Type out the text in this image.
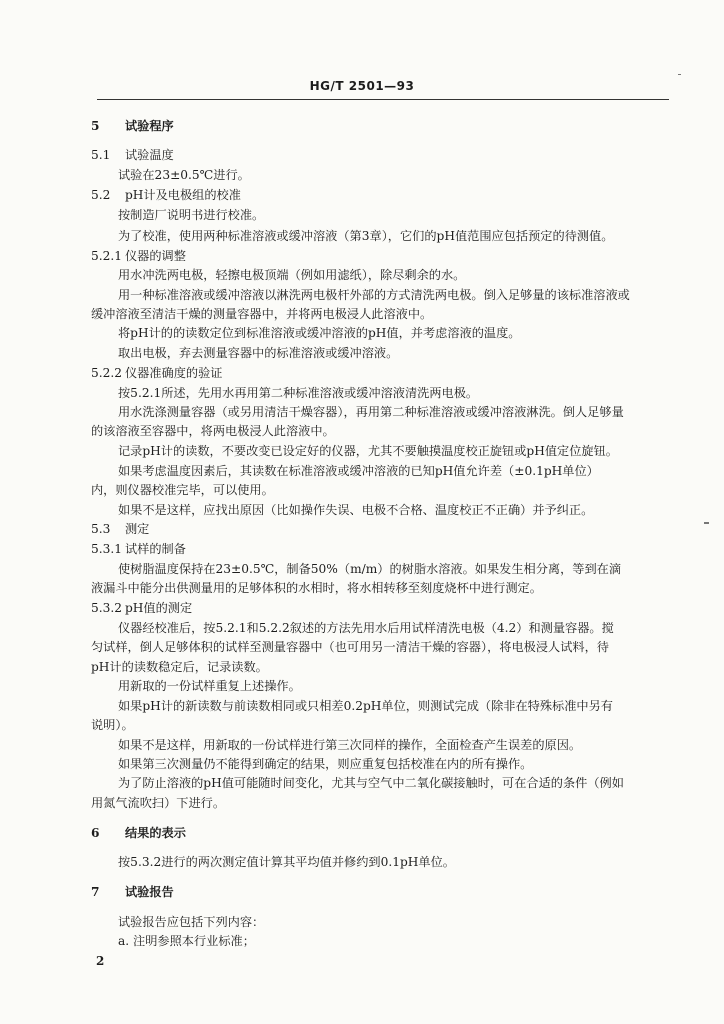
HG/T 2501—93
5 试验程序
5.1 试验温度
试验在23±0.5℃进行。
5.2 pH计及电极组的校准
按制造厂说明书进行校准。
为了校准，使用两种标准溶液或缓冲溶液（第3章），它们的pH值范围应包括预定的待测值。
5.2.1 仪器的调整
用水冲洗两电极，轻擦电极顶端（例如用滤纸），除尽剩余的水。
用一种标准溶液或缓冲溶液以淋洗两电极杆外部的方式清洗两电极。倒入足够量的该标准溶液或
缓冲溶液至清洁干燥的测量容器中，并将两电极浸人此溶液中。
将pH计的的读数定位到标准溶液或缓冲溶液的pH值，并考虑溶液的温度。
取出电极，弃去测量容器中的标准溶液或缓冲溶液。
5.2.2 仪器准确度的验证
按5.2.1所述，先用水再用第二种标准溶液或缓冲溶液清洗两电极。
用水洗涤测量容器（或另用清洁干燥容器），再用第二种标准溶液或缓冲溶液淋洗。倒人足够量
的该溶液至容器中，将两电极浸人此溶液中。
记录pH计的读数，不要改变已设定好的仪器，尤其不要触摸温度校正旋钮或pH值定位旋钮。
如果考虑温度因素后，其读数在标准溶液或缓冲溶液的已知pH值允许差（±0.1pH单位）
内，则仪器校准完毕，可以使用。
如果不是这样，应找出原因（比如操作失误、电极不合格、温度校正不正确）并予纠正。
5.3 测定
5.3.1 试样的制备
使树脂温度保持在23±0.5℃，制备50%（m/m）的树脂水溶液。如果发生相分离，等到在滴
液漏斗中能分出供测量用的足够体积的水相时，将水相转移至刻度烧杯中进行测定。
5.3.2 pH值的测定
仪器经校准后，按5.2.1和5.2.2叙述的方法先用水后用试样清洗电极（4.2）和测量容器。搅
匀试样，倒人足够体积的试样至测量容器中（也可用另一清洁干燥的容器），将电极浸人试料，待
pH计的读数稳定后，记录读数。
用新取的一份试样重复上述操作。
如果pH计的新读数与前读数相同或只相差0.2pH单位，则测试完成（除非在特殊标准中另有
说明）。
如果不是这样，用新取的一份试样进行第三次同样的操作，全面检查产生误差的原因。
如果第三次测量仍不能得到确定的结果，则应重复包括校准在内的所有操作。
为了防止溶液的pH值可能随时间变化，尤其与空气中二氧化碳接触时，可在合适的条件（例如
用氮气流吹扫）下进行。
6 结果的表示
按5.3.2进行的两次测定值计算其平均值并修约到0.1pH单位。
7 试验报告
试验报告应包括下列内容：
a. 注明参照本行业标准；
2
